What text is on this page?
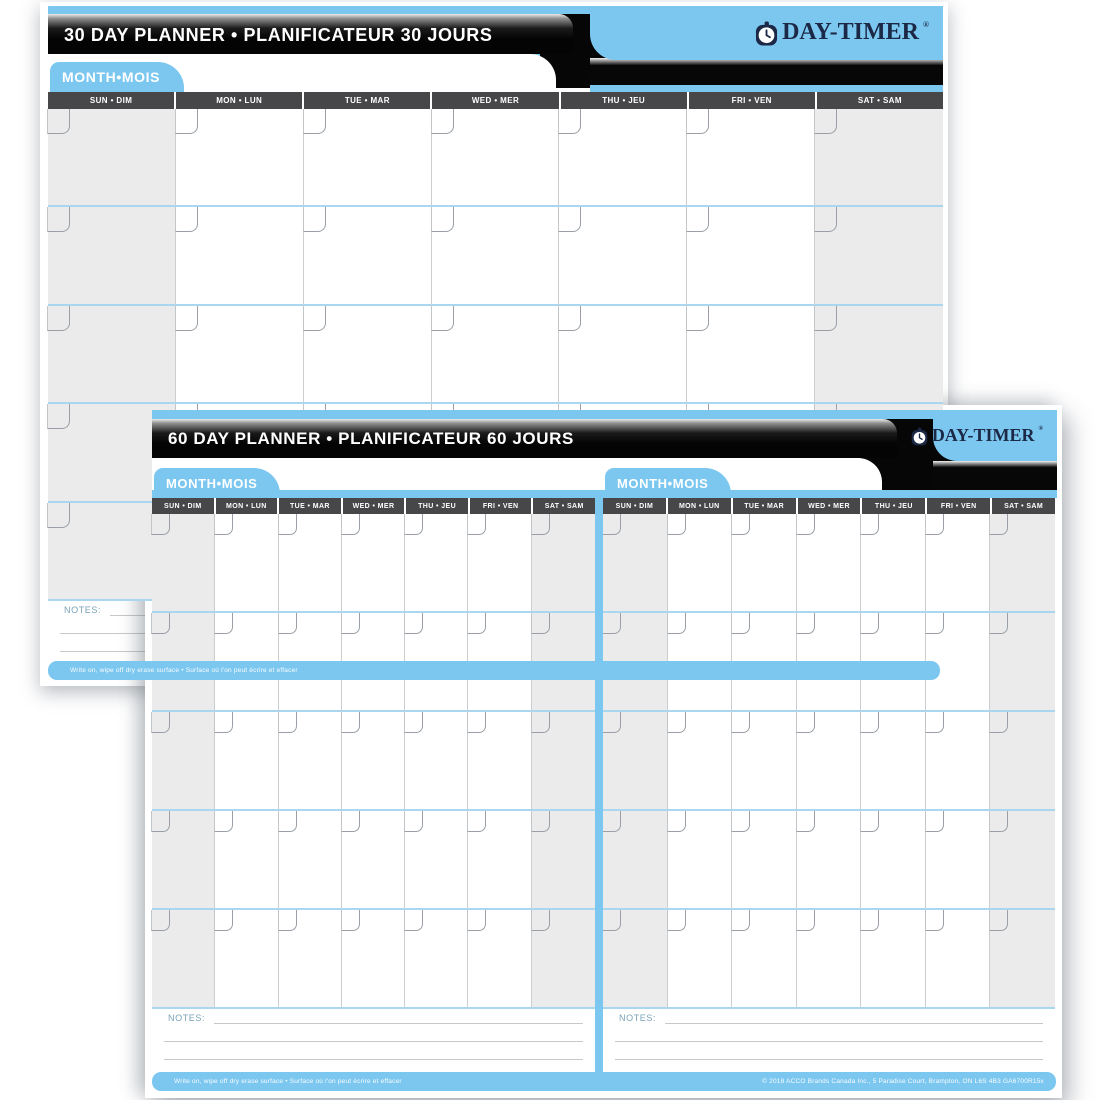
30 DAY PLANNER • PLANIFICATEUR 30 JOURS	DAY-TIMER ®
MONTH•MOIS
SUN • DIM	MON • LUN	TUE • MAR	WED • MER	THU • JEU	FRI • VEN	SAT • SAM
NOTES:
Write on, wipe off dry erase surface • Surface où l'on peut écrire et effacer
60 DAY PLANNER • PLANIFICATEUR 60 JOURS	DAY-TIMER ®
MONTH•MOIS	MONTH•MOIS
SUN • DIM	MON • LUN	TUE • MAR	WED • MER	THU • JEU	FRI • VEN	SAT • SAM	SUN • DIM	MON • LUN	TUE • MAR	WED • MER	THU • JEU	FRI • VEN	SAT • SAM
NOTES:	NOTES:
Write on, wipe off dry erase surface • Surface où l'on peut écrire et effacer	© 2018 ACCO Brands Canada Inc., 5 Paradise Court, Brampton, ON L6S 4B3 GA6700R15x
